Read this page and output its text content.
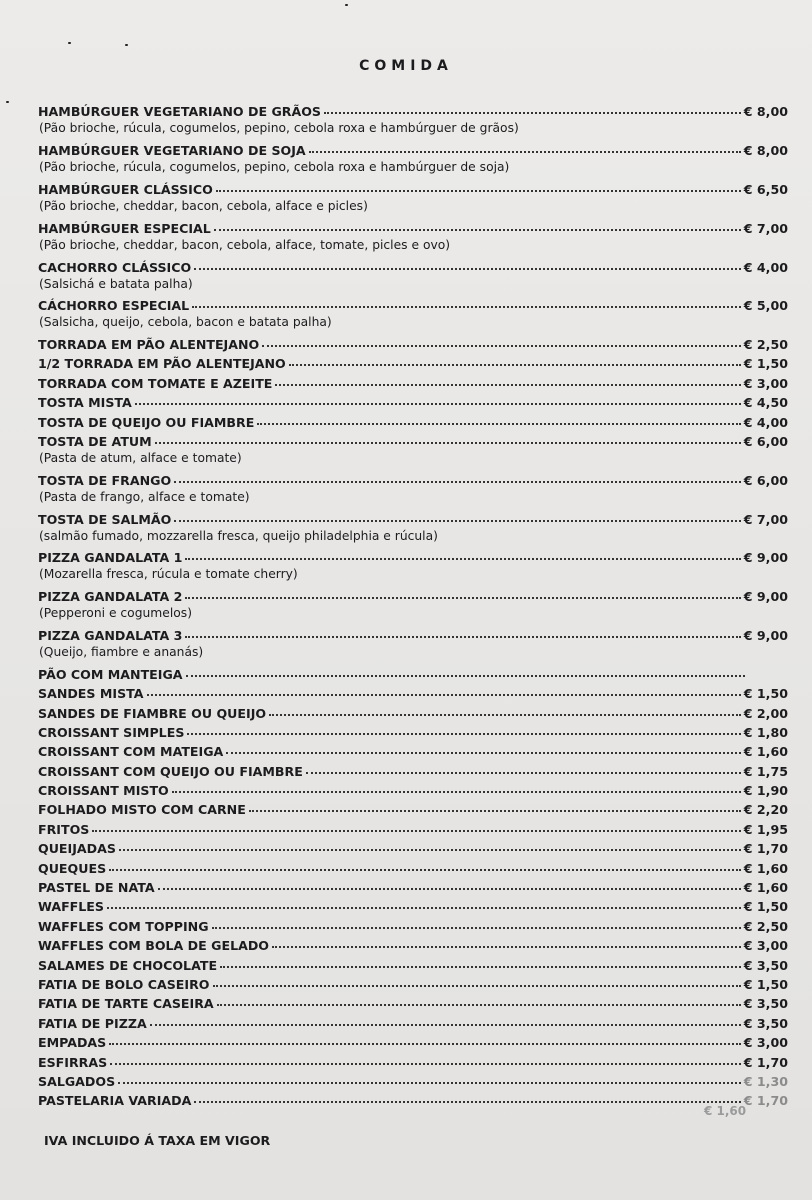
COMIDA
HAMBÚRGUER VEGETARIANO DE GRÃOS	€ 8,00
(Pão brioche, rúcula, cogumelos, pepino, cebola roxa e hambúrguer de grãos)
HAMBÚRGUER VEGETARIANO DE SOJA	€ 8,00
(Pão brioche, rúcula, cogumelos, pepino, cebola roxa e hambúrguer de soja)
HAMBÚRGUER CLÁSSICO	€ 6,50
(Pão brioche, cheddar, bacon, cebola, alface e picles)
HAMBÚRGUER ESPECIAL	€ 7,00
(Pão brioche, cheddar, bacon, cebola, alface, tomate, picles e ovo)
CACHORRO CLÁSSICO	€ 4,00
(Salsichá e batata palha)
CÁCHORRO ESPECIAL	€ 5,00
(Salsicha, queijo, cebola, bacon e batata palha)
TORRADA EM PÃO ALENTEJANO	€ 2,50
1/2 TORRADA EM PÃO ALENTEJANO	€ 1,50
TORRADA COM TOMATE E AZEITE	€ 3,00
TOSTA MISTA	€ 4,50
TOSTA DE QUEIJO OU FIAMBRE	€ 4,00
TOSTA DE ATUM	€ 6,00
(Pasta de atum, alface e tomate)
TOSTA DE FRANGO	€ 6,00
(Pasta de frango, alface e tomate)
TOSTA DE SALMÃO	€ 7,00
(salmão fumado, mozzarella fresca, queijo philadelphia e rúcula)
PIZZA GANDALATA 1	€ 9,00
(Mozarella fresca, rúcula e tomate cherry)
PIZZA GANDALATA 2	€ 9,00
(Pepperoni e cogumelos)
PIZZA GANDALATA 3	€ 9,00
(Queijo, fiambre e ananás)
PÃO COM MANTEIGA
SANDES MISTA	€ 1,50
SANDES DE FIAMBRE OU QUEIJO	€ 2,00
CROISSANT SIMPLES	€ 1,80
CROISSANT COM MATEIGA	€ 1,60
CROISSANT COM QUEIJO OU FIAMBRE	€ 1,75
CROISSANT MISTO	€ 1,90
FOLHADO MISTO COM CARNE	€ 2,20
FRITOS	€ 1,95
QUEIJADAS	€ 1,70
QUEQUES	€ 1,60
PASTEL DE NATA	€ 1,60
WAFFLES	€ 1,50
WAFFLES COM TOPPING	€ 2,50
WAFFLES COM BOLA DE GELADO	€ 3,00
SALAMES DE CHOCOLATE	€ 3,50
FATIA DE BOLO CASEIRO	€ 1,50
FATIA DE TARTE CASEIRA	€ 3,50
FATIA DE PIZZA	€ 3,50
EMPADAS	€ 3,00
ESFIRRAS	€ 1,70
SALGADOS	€ 1,30
PASTELARIA VARIADA	€ 1,70
€ 1,60
IVA INCLUIDO Á TAXA EM VIGOR
